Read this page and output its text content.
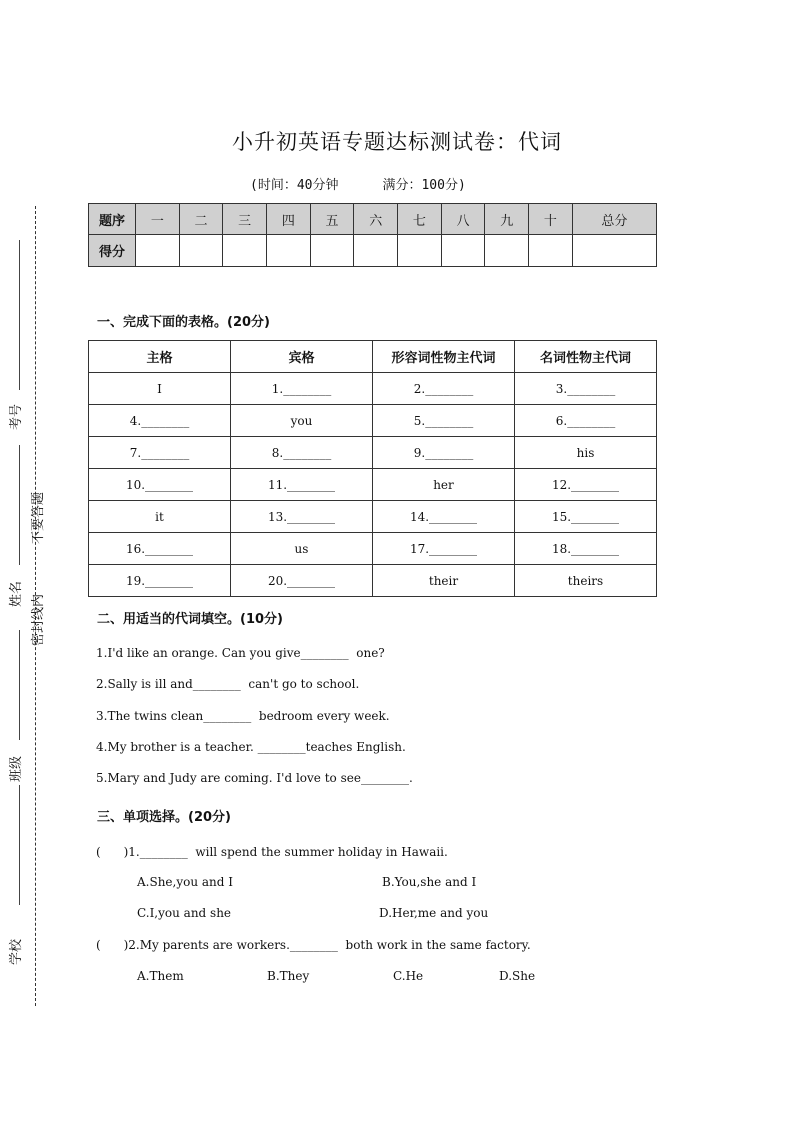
小升初英语专题达标测试卷：代词
(时间：40分钟	满分：100分)
题序	一	二	三	四	五	六	七	八	九	十	总分
得分											
一、完成下面的表格。(20分)
主格	宾格	形容词性物主代词	名词性物主代词
I	1.________	2.________	3.________
4.________	you	5.________	6.________
7.________	8.________	9.________	his
10.________	11.________	her	12.________
it	13.________	14.________	15.________
16.________	us	17.________	18.________
19.________	20.________	their	theirs
二、用适当的代词填空。(10分)
1.I'd like an orange. Can you give________  one?
2.Sally is ill and________  can't go to school.
3.The twins clean________  bedroom every week.
4.My brother is a teacher. ________teaches English.
5.Mary and Judy are coming. I'd love to see________.
三、单项选择。(20分)
(      )1.________  will spend the summer holiday in Hawaii.
A.She,you and I	B.You,she and I
C.I,you and she	D.Her,me and you
(      )2.My parents are workers.________  both work in the same factory.
A.Them	B.They	C.He	D.She
考号
不要答题
姓名 密封线内
班级
学校
